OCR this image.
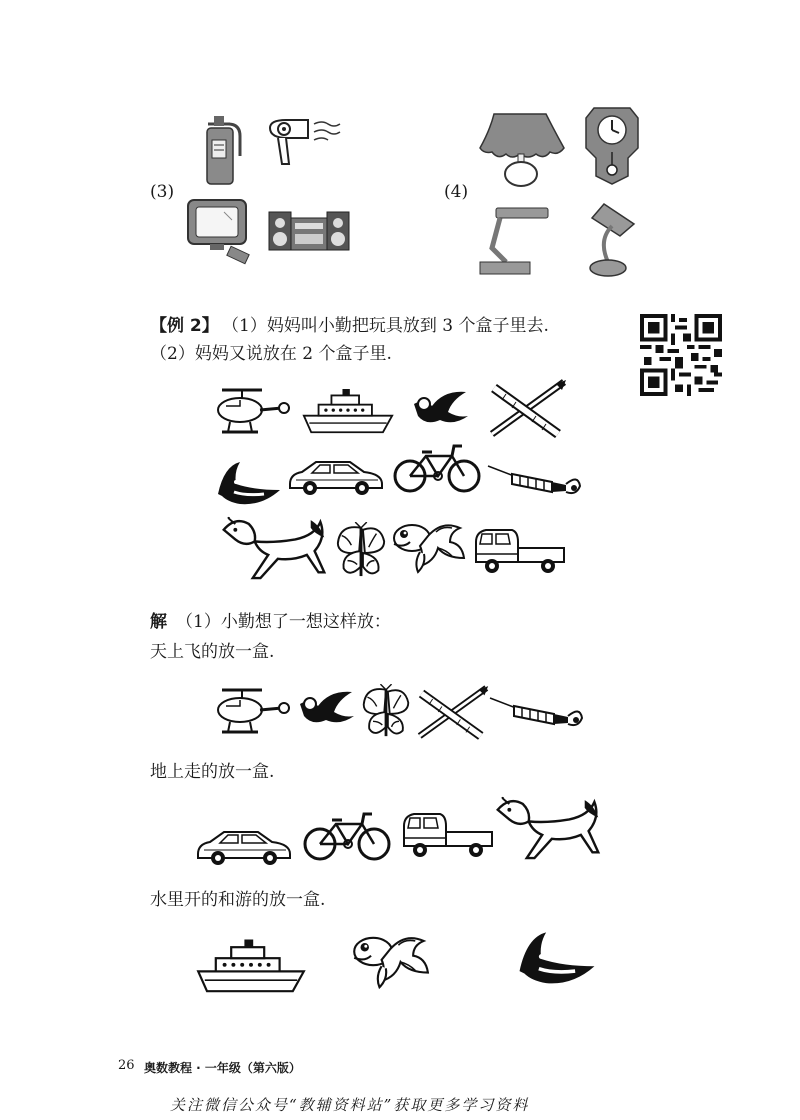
(3)	(4)
【例 2】 （1）妈妈叫小勤把玩具放到 3 个盒子里去.
（2）妈妈又说放在 2 个盒子里.
解 （1）小勤想了一想这样放：
天上飞的放一盒.
地上走的放一盒.
水里开的和游的放一盒.
26 奥数教程 · 一年级（第六版）
关注微信公众号“教辅资料站”获取更多学习资料
